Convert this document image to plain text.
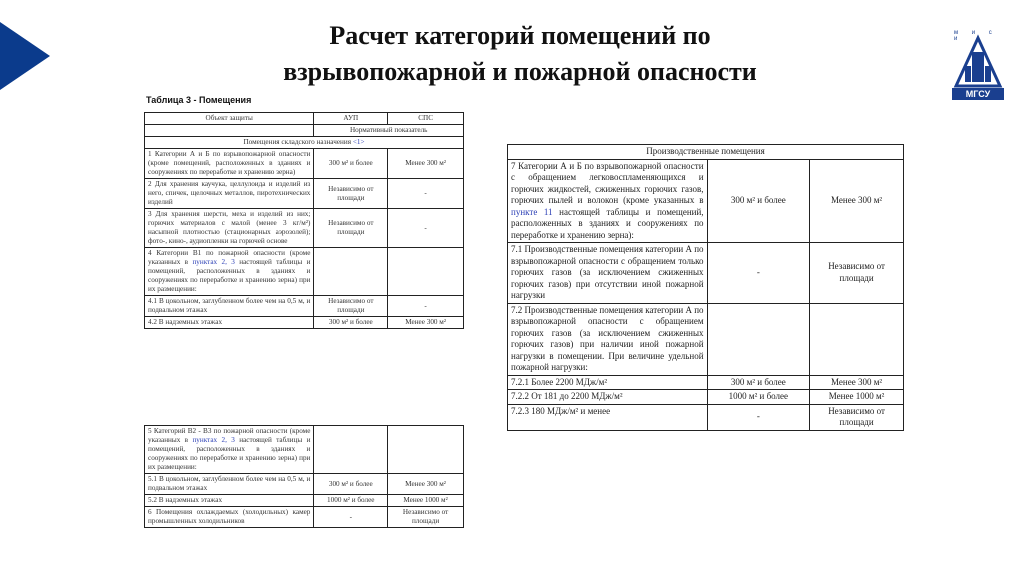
Расчет категорий помещений по
взрывопожарной и пожарной опасности
м и с и
МГСУ
Таблица 3 - Помещения
Объект защиты	АУП	СПС
	Нормативный показатель	
Помещения складского назначения <1>		
1 Категории А и Б по взрывопожарной опасности (кроме помещений, расположенных в зданиях и сооружениях по переработке и хранению зерна)	300 м² и более	Менее 300 м²
2 Для хранения каучука, целлулоида и изделий из него, спичек, щелочных металлов, пиротехнических изделий	Независимо от площади	-
3 Для хранения шерсти, меха и изделий из них; горючих материалов с малой (менее 3 кг/м²) насыпной плотностью (стационарных аэрозолей); фото-, кино-, аудиопленки на горючей основе	Независимо от площади	-
4 Категории В1 по пожарной опасности (кроме указанных в пунктах 2, 3 настоящей таблицы и помещений, расположенных в зданиях и сооружениях по переработке и хранению зерна) при их размещении:		
4.1 В цокольном, заглубленном более чем на 0,5 м, и подвальном этажах	Независимо от площади	-
4.2 В надземных этажах	300 м² и более	Менее 300 м²
5 Категорий В2 - В3 по пожарной опасности (кроме указанных в пунктах 2, 3 настоящей таблицы и помещений, расположенных в зданиях и сооружениях по переработке и хранению зерна) при их размещении:		
5.1 В цокольном, заглубленном более чем на 0,5 м, и подвальном этажах	300 м² и более	Менее 300 м²
5.2 В надземных этажах	1000 м² и более	Менее 1000 м²
6 Помещения охлаждаемых (холодильных) камер промышленных холодильников	-	Независимо от площади
Производственные помещения		
7 Категории А и Б по взрывопожарной опасности с обращением легковоспламеняющихся и горючих жидкостей, сжиженных горючих газов, горючих пылей и волокон (кроме указанных в пункте 11 настоящей таблицы и помещений, расположенных в зданиях и сооружениях по переработке и хранению зерна):	300 м² и более	Менее 300 м²
7.1 Производственные помещения категории А по взрывопожарной опасности с обращением только горючих газов (за исключением сжиженных горючих газов) при отсутствии иной пожарной нагрузки	-	Независимо от площади
7.2 Производственные помещения категории А по взрывопожарной опасности с обращением горючих газов (за исключением сжиженных горючих газов) при наличии иной пожарной нагрузки в помещении. При величине удельной пожарной нагрузки:		
7.2.1 Более 2200 МДж/м²	300 м² и более	Менее 300 м²
7.2.2 От 181 до 2200 МДж/м²	1000 м² и более	Менее 1000 м²
7.2.3 180 МДж/м² и менее	-	Независимо от площади
